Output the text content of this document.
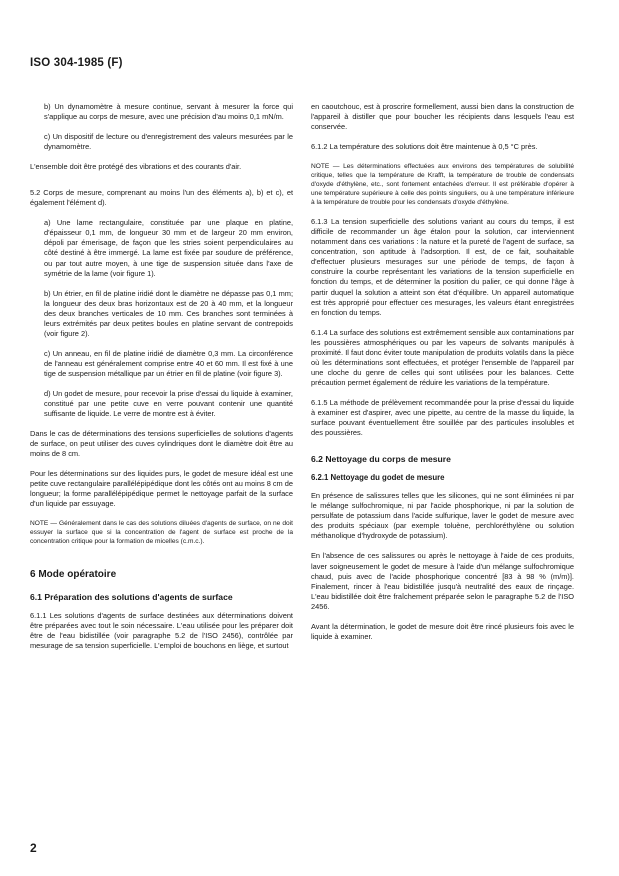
ISO 304-1985 (F)

b) Un dynamomètre à mesure continue, servant à mesurer la force qui s'applique au corps de mesure, avec une précision d'au moins 0,1 mN/m.

c) Un dispositif de lecture ou d'enregistrement des valeurs mesurées par le dynamomètre.

L'ensemble doit être protégé des vibrations et des courants d'air.

5.2 Corps de mesure, comprenant au moins l'un des éléments a), b) et c), et également l'élément d).

a) Une lame rectangulaire, constituée par une plaque en platine, d'épaisseur 0,1 mm, de longueur 30 mm et de largeur 20 mm environ, dépoli par émerisage, de façon que les stries soient perpendiculaires au côté destiné à être immergé. La lame est fixée par soudure de préférence, ou par tout autre moyen, à une tige de suspension située dans l'axe de symétrie de la lame (voir figure 1).

b) Un étrier, en fil de platine iridié dont le diamètre ne dépasse pas 0,1 mm; la longueur des deux bras horizontaux est de 20 à 40 mm, et la longueur des deux branches verticales de 10 mm. Ces branches sont terminées à leurs extrémités par deux petites boules en platine servant de contrepoids (voir figure 2).

c) Un anneau, en fil de platine iridié de diamètre 0,3 mm. La circonférence de l'anneau est généralement comprise entre 40 et 60 mm. Il est fixé à une tige de suspension métallique par un étrier en fil de platine (voir figure 3).

d) Un godet de mesure, pour recevoir la prise d'essai du liquide à examiner, constitué par une petite cuve en verre pouvant contenir une quantité suffisante de liquide. Le verre de montre est à éviter.

Dans le cas de déterminations des tensions superficielles de solutions d'agents de surface, on peut utiliser des cuves cylindriques dont le diamètre doit être au moins de 8 cm.

Pour les déterminations sur des liquides purs, le godet de mesure idéal est une petite cuve rectangulaire parallélépipédique dont les côtés ont au moins 8 cm de longueur; la forme parallélépipédique permet le nettoyage parfait de la surface d'un liquide par essuyage.

NOTE — Généralement dans le cas des solutions diluées d'agents de surface, on ne doit essuyer la surface que si la concentration de l'agent de surface est proche de la concentration critique pour la formation de micelles (c.m.c.).

6 Mode opératoire
6.1 Préparation des solutions d'agents de surface

6.1.1 Les solutions d'agents de surface destinées aux déterminations doivent être préparées avec tout le soin nécessaire. L'eau utilisée pour les préparer doit être de l'eau bidistillée (voir paragraphe 5.2 de l'ISO 2456), contrôlée par mesurage de sa tension superficielle. L'emploi de bouchons en liège, et surtout

en caoutchouc, est à proscrire formellement, aussi bien dans la construction de l'appareil à distiller que pour boucher les récipients dans lesquels l'eau est conservée.

6.1.2 La température des solutions doit être maintenue à 0,5 °C près.

NOTE — Les déterminations effectuées aux environs des températures de solubilité critique, telles que la température de Krafft, la température de trouble de condensats d'oxyde d'éthylène, etc., sont fortement entachées d'erreur. Il est préférable d'opérer à une température supérieure à celle des points singuliers, ou à une température inférieure à la température de trouble pour les condensats d'oxyde d'éthylène.

6.1.3 La tension superficielle des solutions variant au cours du temps, il est difficile de recommander un âge étalon pour la solution, car interviennent notamment dans ces variations : la nature et la pureté de l'agent de surface, sa concentration, son aptitude à l'adsorption. Il est, de ce fait, souhaitable d'effectuer plusieurs mesurages sur une période de temps, de façon à construire la courbe représentant les variations de la tension superficielle en fonction du temps, et de déterminer la position du palier, ce qui donne l'âge à partir duquel la solution a atteint son état d'équilibre. Un appareil automatique est très approprié pour effectuer ces mesurages, les valeurs étant enregistrées en fonction du temps.

6.1.4 La surface des solutions est extrêmement sensible aux contaminations par les poussières atmosphériques ou par les vapeurs de solvants manipulés à proximité. Il faut donc éviter toute manipulation de produits volatils dans la pièce où les déterminations sont effectuées, et protéger l'ensemble de l'appareil par une cloche du genre de celles qui sont utilisées pour les balances. Cette précaution permet également de réduire les variations de la température.

6.1.5 La méthode de prélèvement recommandée pour la prise d'essai du liquide à examiner est d'aspirer, avec une pipette, au centre de la masse du liquide, la surface pouvant éventuellement être souillée par des particules insolubles et des poussières.

6.2 Nettoyage du corps de mesure
6.2.1 Nettoyage du godet de mesure

En présence de salissures telles que les silicones, qui ne sont éliminées ni par le mélange sulfochromique, ni par l'acide phosphorique, ni par la solution de persulfate de potassium dans l'acide sulfurique, laver le godet de mesure avec des produits spéciaux (par exemple toluène, perchloréthylène ou solution méthanolique d'hydroxyde de potassium).

En l'absence de ces salissures ou après le nettoyage à l'aide de ces produits, laver soigneusement le godet de mesure à l'aide d'un mélange sulfochromique chaud, puis avec de l'acide phosphorique concentré [83 à 98 % (m/m)]. Finalement, rincer à l'eau bidistillée jusqu'à neutralité des eaux de rinçage. L'eau bidistillée doit être fraîchement préparée selon le paragraphe 5.2 de l'ISO 2456.

Avant la détermination, le godet de mesure doit être rincé plusieurs fois avec le liquide à examiner.

2
